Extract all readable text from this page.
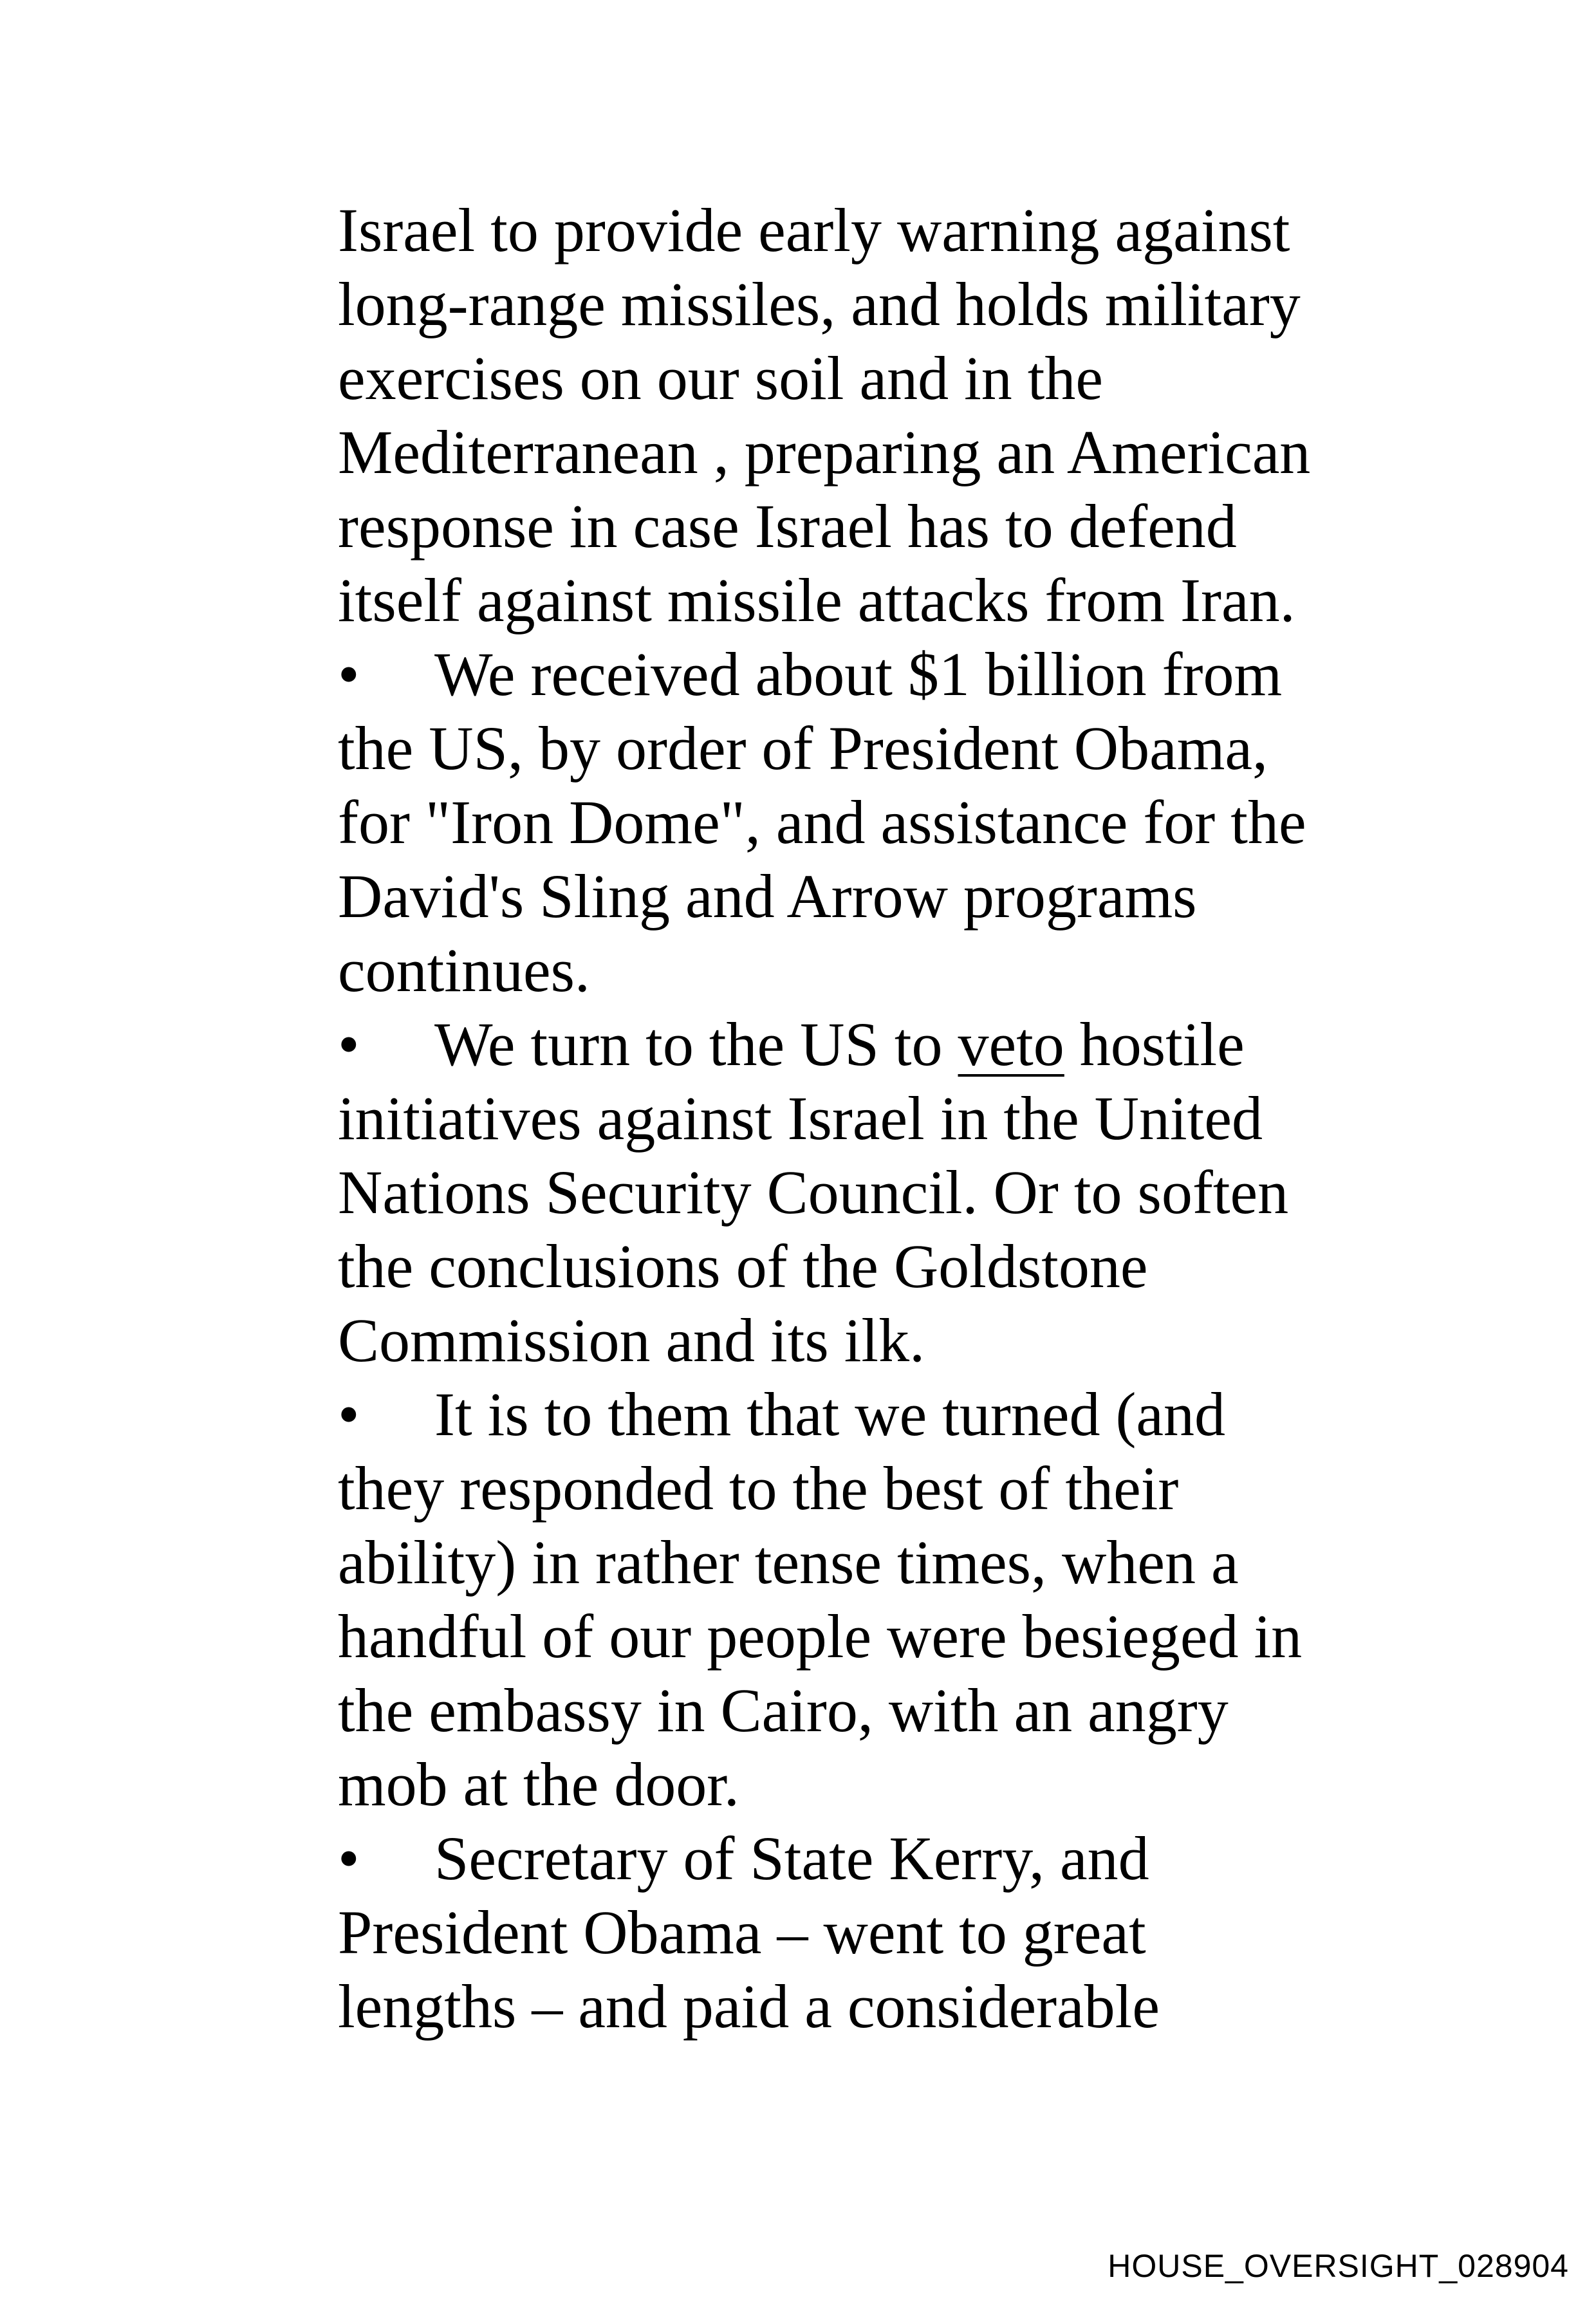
Israel to provide early warning against
long-range missiles, and holds military
exercises on our soil and in the
Mediterranean , preparing an American
response in case Israel has to defend
itself against missile attacks from Iran.
• We received about $1 billion from
the US, by order of President Obama,
for "Iron Dome", and assistance for the
David's Sling and Arrow programs
continues.
• We turn to the US to veto hostile
initiatives against Israel in the United
Nations Security Council. Or to soften
the conclusions of the Goldstone
Commission and its ilk.
• It is to them that we turned (and
they responded to the best of their
ability) in rather tense times, when a
handful of our people were besieged in
the embassy in Cairo, with an angry
mob at the door.
• Secretary of State Kerry, and
President Obama – went to great
lengths – and paid a considerable
HOUSE_OVERSIGHT_028904
